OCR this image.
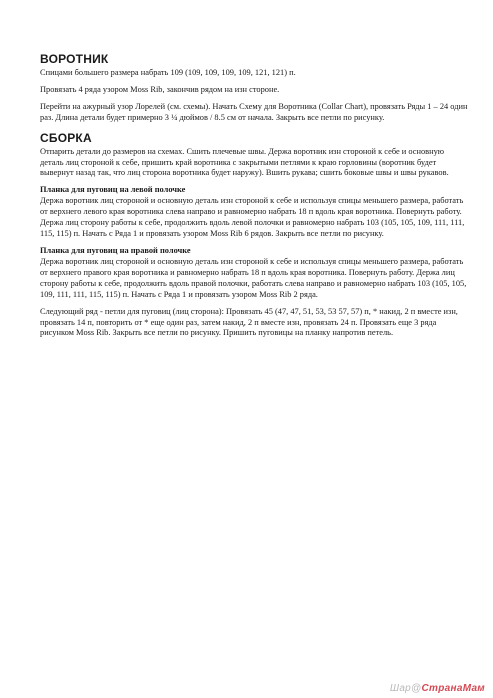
ВОРОТНИК

Спицами большего размера набрать 109 (109, 109, 109, 109, 121, 121) п.

Провязать 4 ряда узором Moss Rib, закончив рядом на изн стороне.

Перейти на ажурный узор Лорелей (см. схемы). Начать Схему для Воротника (Collar Chart), провязать Ряды 1 – 24 один раз. Длина детали будет примерно 3 ¼ дюймов / 8.5 см от начала. Закрыть все петли по рисунку.

СБОРКА

Отпарить детали до размеров на схемах. Сшить плечевые швы. Держа воротник изн стороной к себе и основную деталь лиц стороной к себе, пришить край воротника с закрытыми петлями к краю горловины (воротник будет вывернут назад так, что лиц сторона воротника будет наружу). Вшить рукава; сшить боковые швы и швы рукавов.

Планка для пуговиц на левой полочке

Держа воротник лиц стороной и основную деталь изн стороной к себе и используя спицы меньшего размера, работать от верхнего левого края воротника слева направо и равномерно набрать 18 п вдоль края воротника. Повернуть работу. Держа лиц сторону работы к себе, продолжить вдоль левой полочки и равномерно набрать 103 (105, 105, 109, 111, 111, 115, 115) п. Начать с Ряда 1 и провязать узором Moss Rib 6 рядов. Закрыть все петли по рисунку.

Планка для пуговиц на правой полочке

Держа воротник лиц стороной и основную деталь изн стороной к себе и используя спицы меньшего размера, работать от верхнего правого края воротника и равномерно набрать 18 п вдоль края воротника. Повернуть работу. Держа лиц сторону работы к себе, продолжить вдоль правой полочки, работать слева направо и равномерно набрать 103 (105, 105, 109, 111, 111, 115, 115) п. Начать с Ряда 1 и провязать узором Moss Rib 2 ряда.

Следующий ряд - петли для пуговиц (лиц сторона): Провязать 45 (47, 47, 51, 53, 53 57, 57) п, * накид, 2 п вместе изн, провязать 14 п, повторить от * еще один раз, затем накид, 2 п вместе изн, провязать 24 п. Провязать еще 3 ряда рисунком Moss Rib. Закрыть все петли по рисунку. Пришить пуговицы на планку напротив петель.

Шар@СтранаМам
